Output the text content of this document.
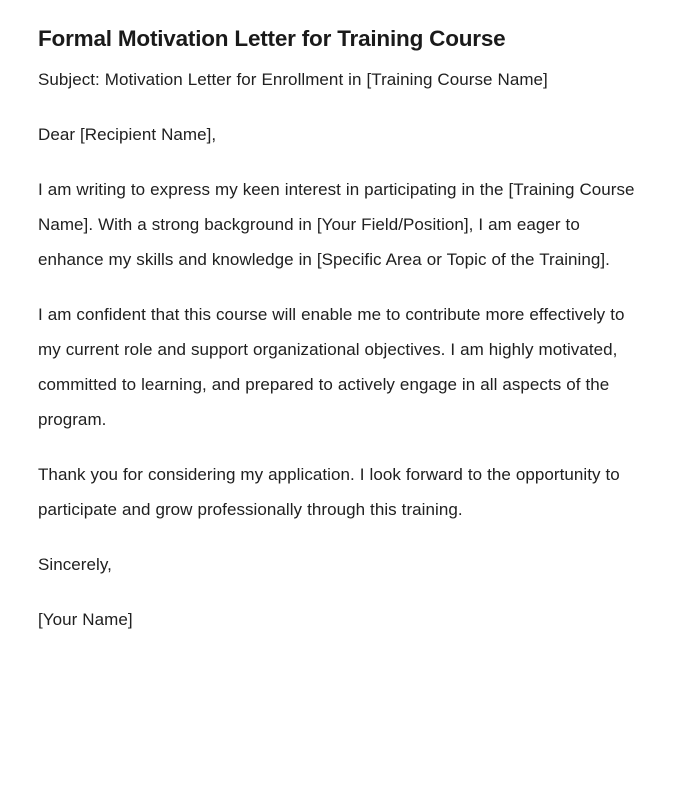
Formal Motivation Letter for Training Course

Subject: Motivation Letter for Enrollment in [Training Course Name]

Dear [Recipient Name],

I am writing to express my keen interest in participating in the [Training Course Name]. With a strong background in [Your Field/Position], I am eager to enhance my skills and knowledge in [Specific Area or Topic of the Training].

I am confident that this course will enable me to contribute more effectively to my current role and support organizational objectives. I am highly motivated, committed to learning, and prepared to actively engage in all aspects of the program.

Thank you for considering my application. I look forward to the opportunity to participate and grow professionally through this training.

Sincerely,

[Your Name]
